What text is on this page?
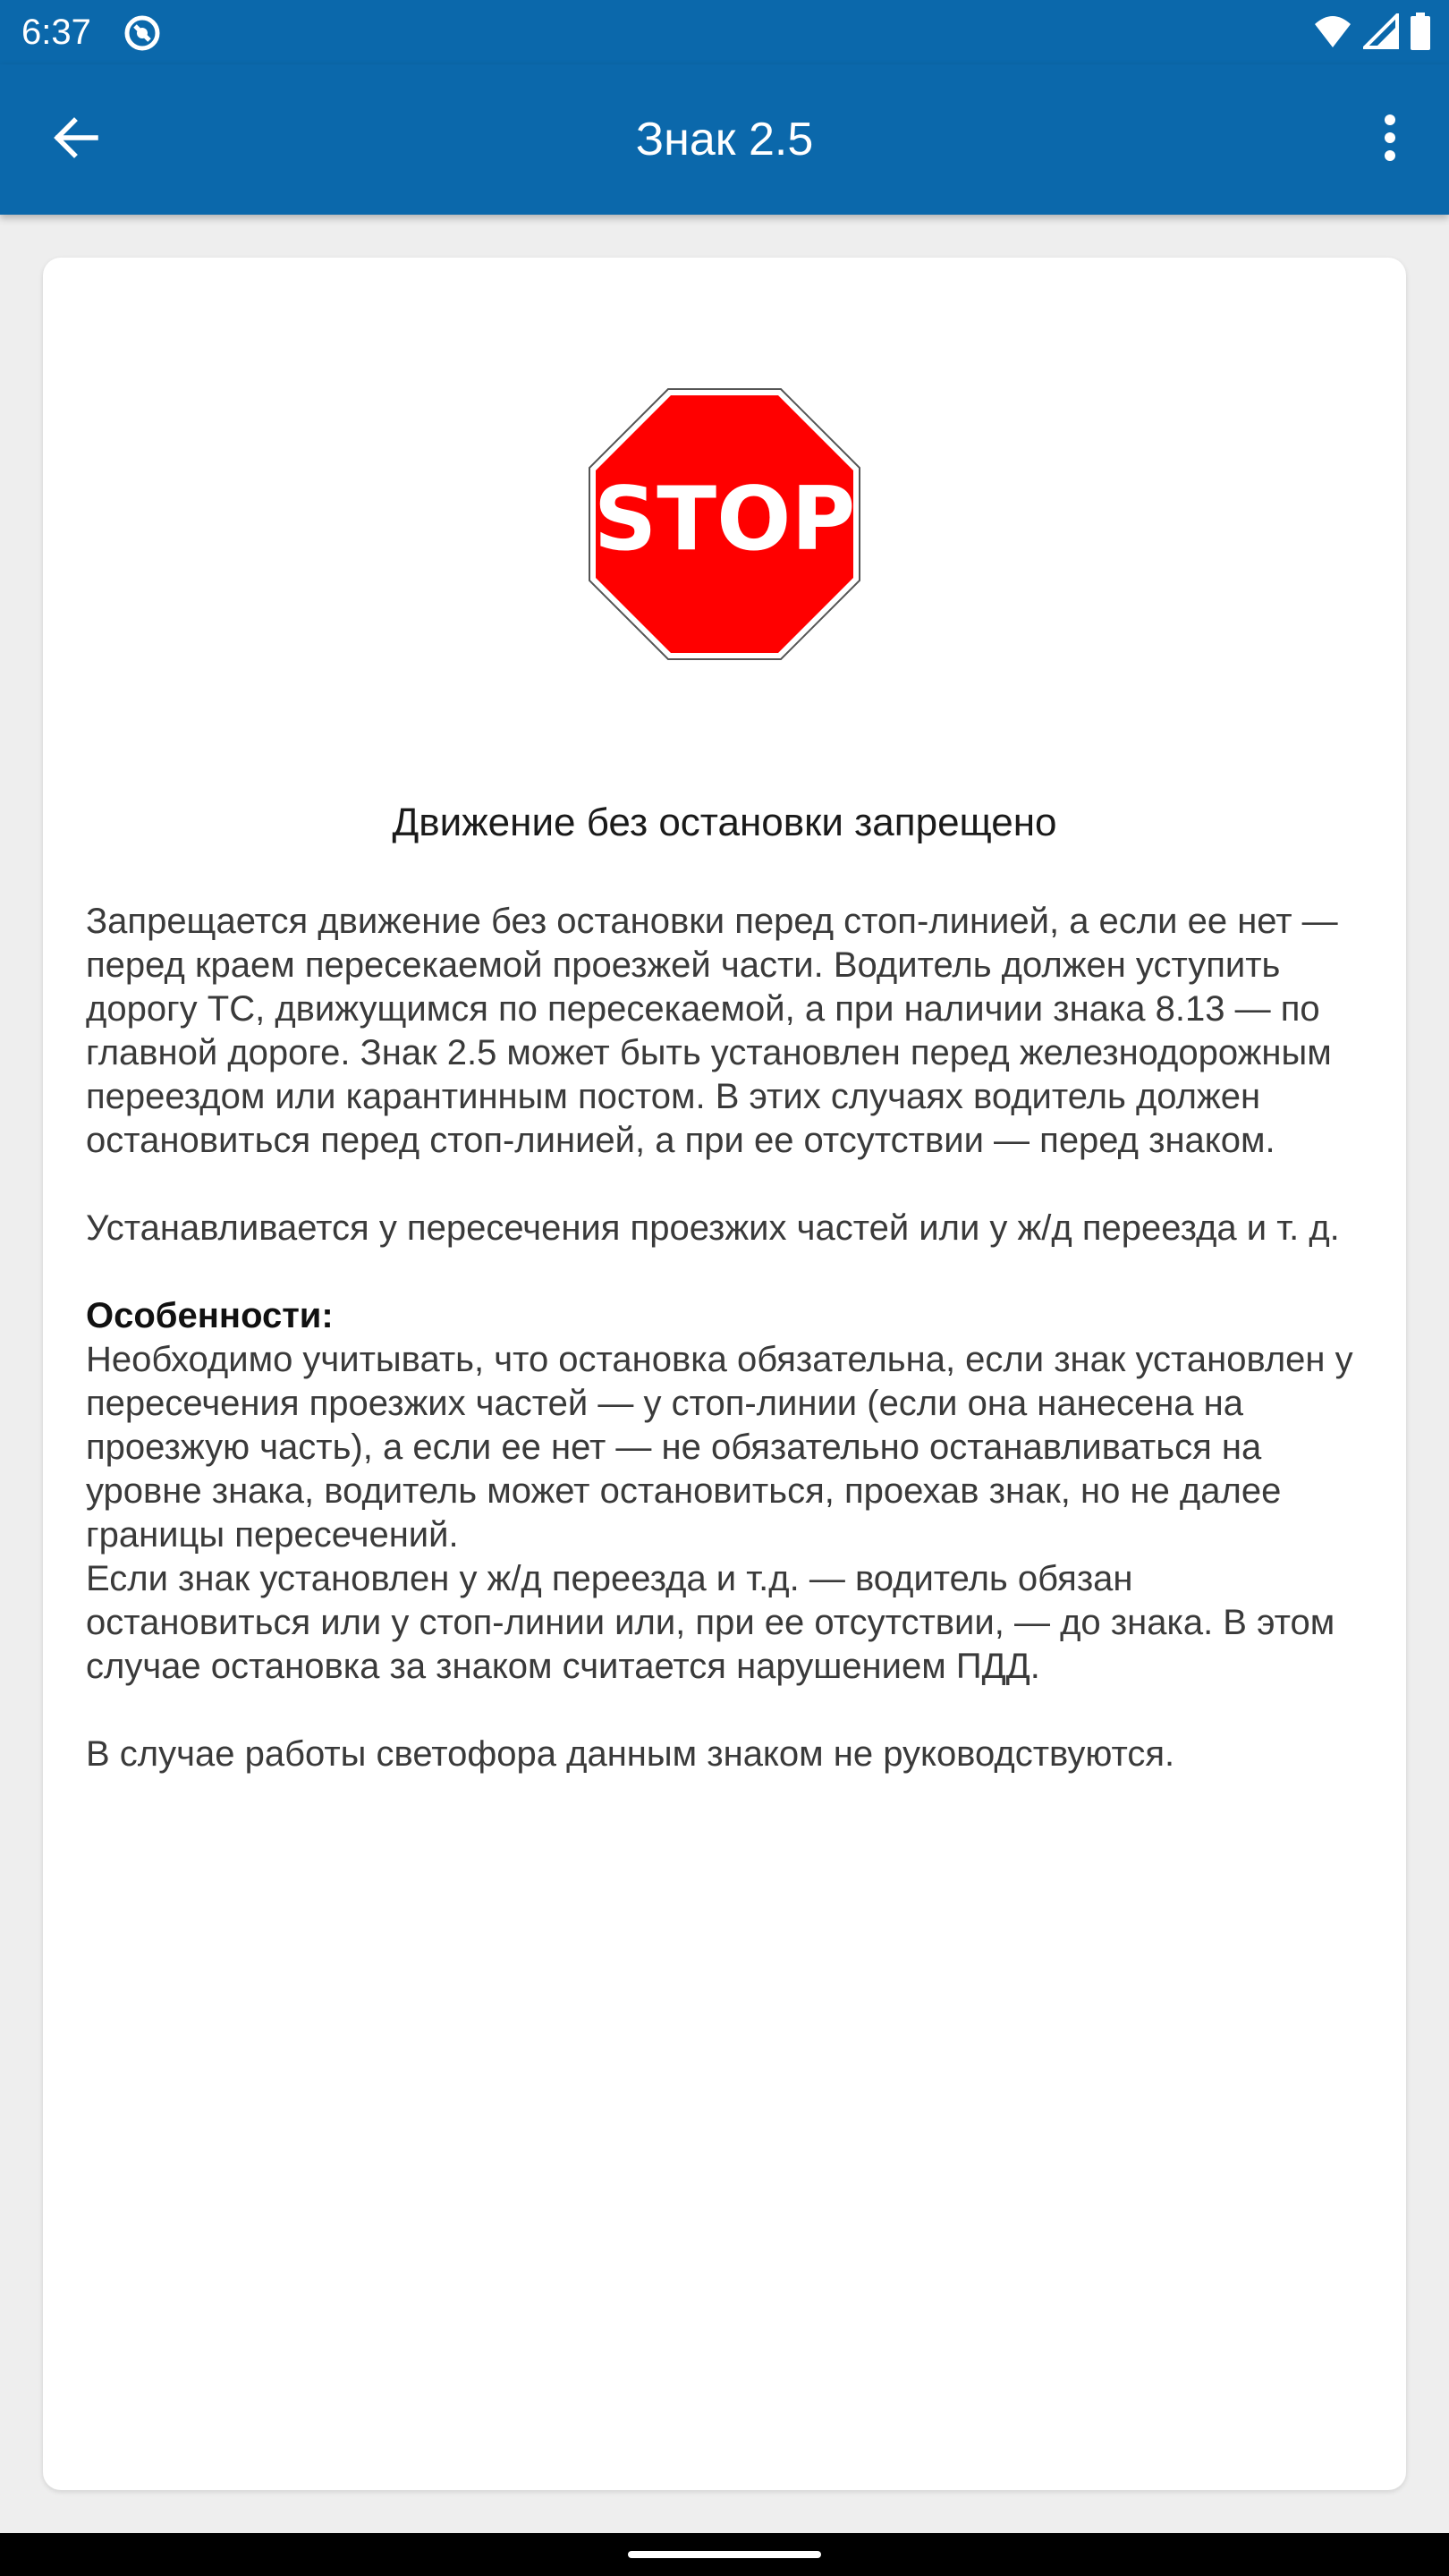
6:37
Знак 2.5
STOP
Движение без остановки запрещено

Запрещается движение без остановки перед стоп-линией, а если ее нет — перед краем пересекаемой проезжей части. Водитель должен уступить дорогу ТС, движущимся по пересекаемой, а при наличии знака 8.13 — по главной дороге. Знак 2.5 может быть установлен перед железнодорожным переездом или карантинным постом. В этих случаях водитель должен остановиться перед стоп-линией, а при ее отсутствии — перед знаком.

Устанавливается у пересечения проезжих частей или у ж/д переезда и т. д.

Особенности:
Необходимо учитывать, что остановка обязательна, если знак установлен у пересечения проезжих частей — у стоп-линии (если она нанесена на проезжую часть), а если ее нет — не обязательно останавливаться на уровне знака, водитель может остановиться, проехав знак, но не далее границы пересечений.
Если знак установлен у ж/д переезда и т.д. — водитель обязан остановиться или у стоп-линии или, при ее отсутствии, — до знака. В этом случае остановка за знаком считается нарушением ПДД.

В случае работы светофора данным знаком не руководствуются.
